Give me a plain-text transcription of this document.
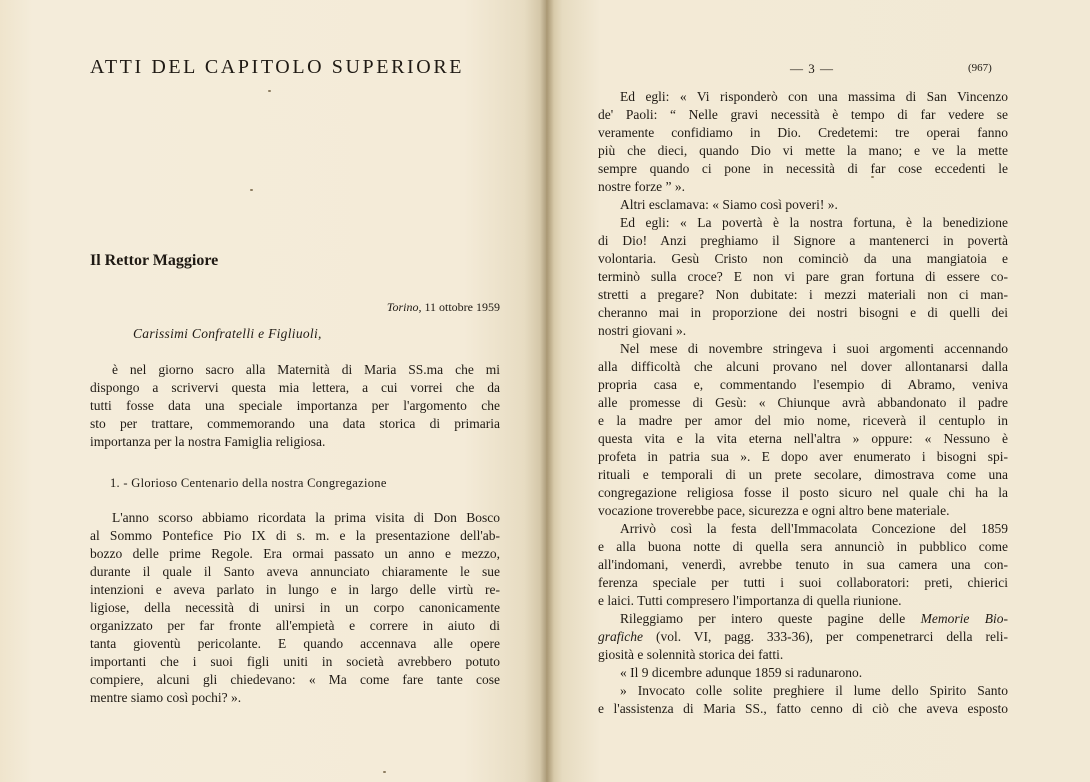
ATTI DEL CAPITOLO SUPERIORE
Il Rettor Maggiore
Torino, 11 ottobre 1959
Carissimi Confratelli e Figliuoli,
è nel giorno sacro alla Maternità di Maria SS.ma che mi
dispongo a scrivervi questa mia lettera, a cui vorrei che da
tutti fosse data una speciale importanza per l'argomento che
sto per trattare, commemorando una data storica di primaria
importanza per la nostra Famiglia religiosa.
1. - Glorioso Centenario della nostra Congregazione
L'anno scorso abbiamo ricordata la prima visita di Don Bosco
al Sommo Pontefice Pio IX di s. m. e la presentazione dell'ab-
bozzo delle prime Regole. Era ormai passato un anno e mezzo,
durante il quale il Santo aveva annunciato chiaramente le sue
intenzioni e aveva parlato in lungo e in largo delle virtù re-
ligiose, della necessità di unirsi in un corpo canonicamente
organizzato per far fronte all'empietà e correre in aiuto di
tanta gioventù pericolante. E quando accennava alle opere
importanti che i suoi figli uniti in società avrebbero potuto
compiere, alcuni gli chiedevano: « Ma come fare tante cose
mentre siamo così pochi? ».
— 3 —	(967)
Ed egli: « Vi risponderò con una massima di San Vincenzo
de' Paoli: “ Nelle gravi necessità è tempo di far vedere se
veramente confidiamo in Dio. Credetemi: tre operai fanno
più che dieci, quando Dio vi mette la mano; e ve la mette
sempre quando ci pone in necessità di far cose eccedenti le
nostre forze ” ».
Altri esclamava: « Siamo così poveri! ».
Ed egli: « La povertà è la nostra fortuna, è la benedizione
di Dio! Anzi preghiamo il Signore a mantenerci in povertà
volontaria. Gesù Cristo non cominciò da una mangiatoia e
terminò sulla croce? E non vi pare gran fortuna di essere co-
stretti a pregare? Non dubitate: i mezzi materiali non ci man-
cheranno mai in proporzione dei nostri bisogni e di quelli dei
nostri giovani ».
Nel mese di novembre stringeva i suoi argomenti accennando
alla difficoltà che alcuni provano nel dover allontanarsi dalla
propria casa e, commentando l'esempio di Abramo, veniva
alle promesse di Gesù: « Chiunque avrà abbandonato il padre
e la madre per amor del mio nome, riceverà il centuplo in
questa vita e la vita eterna nell'altra » oppure: « Nessuno è
profeta in patria sua ». E dopo aver enumerato i bisogni spi-
rituali e temporali di un prete secolare, dimostrava come una
congregazione religiosa fosse il posto sicuro nel quale chi ha la
vocazione troverebbe pace, sicurezza e ogni altro bene materiale.
Arrivò così la festa dell'Immacolata Concezione del 1859
e alla buona notte di quella sera annunciò in pubblico come
all'indomani, venerdì, avrebbe tenuto in sua camera una con-
ferenza speciale per tutti i suoi collaboratori: preti, chierici
e laici. Tutti compresero l'importanza di quella riunione.
Rileggiamo per intero queste pagine delle Memorie Bio-
grafiche (vol. VI, pagg. 333-36), per compenetrarci della reli-
giosità e solennità storica dei fatti.
« Il 9 dicembre adunque 1859 si radunarono.
» Invocato colle solite preghiere il lume dello Spirito Santo
e l'assistenza di Maria SS., fatto cenno di ciò che aveva esposto
